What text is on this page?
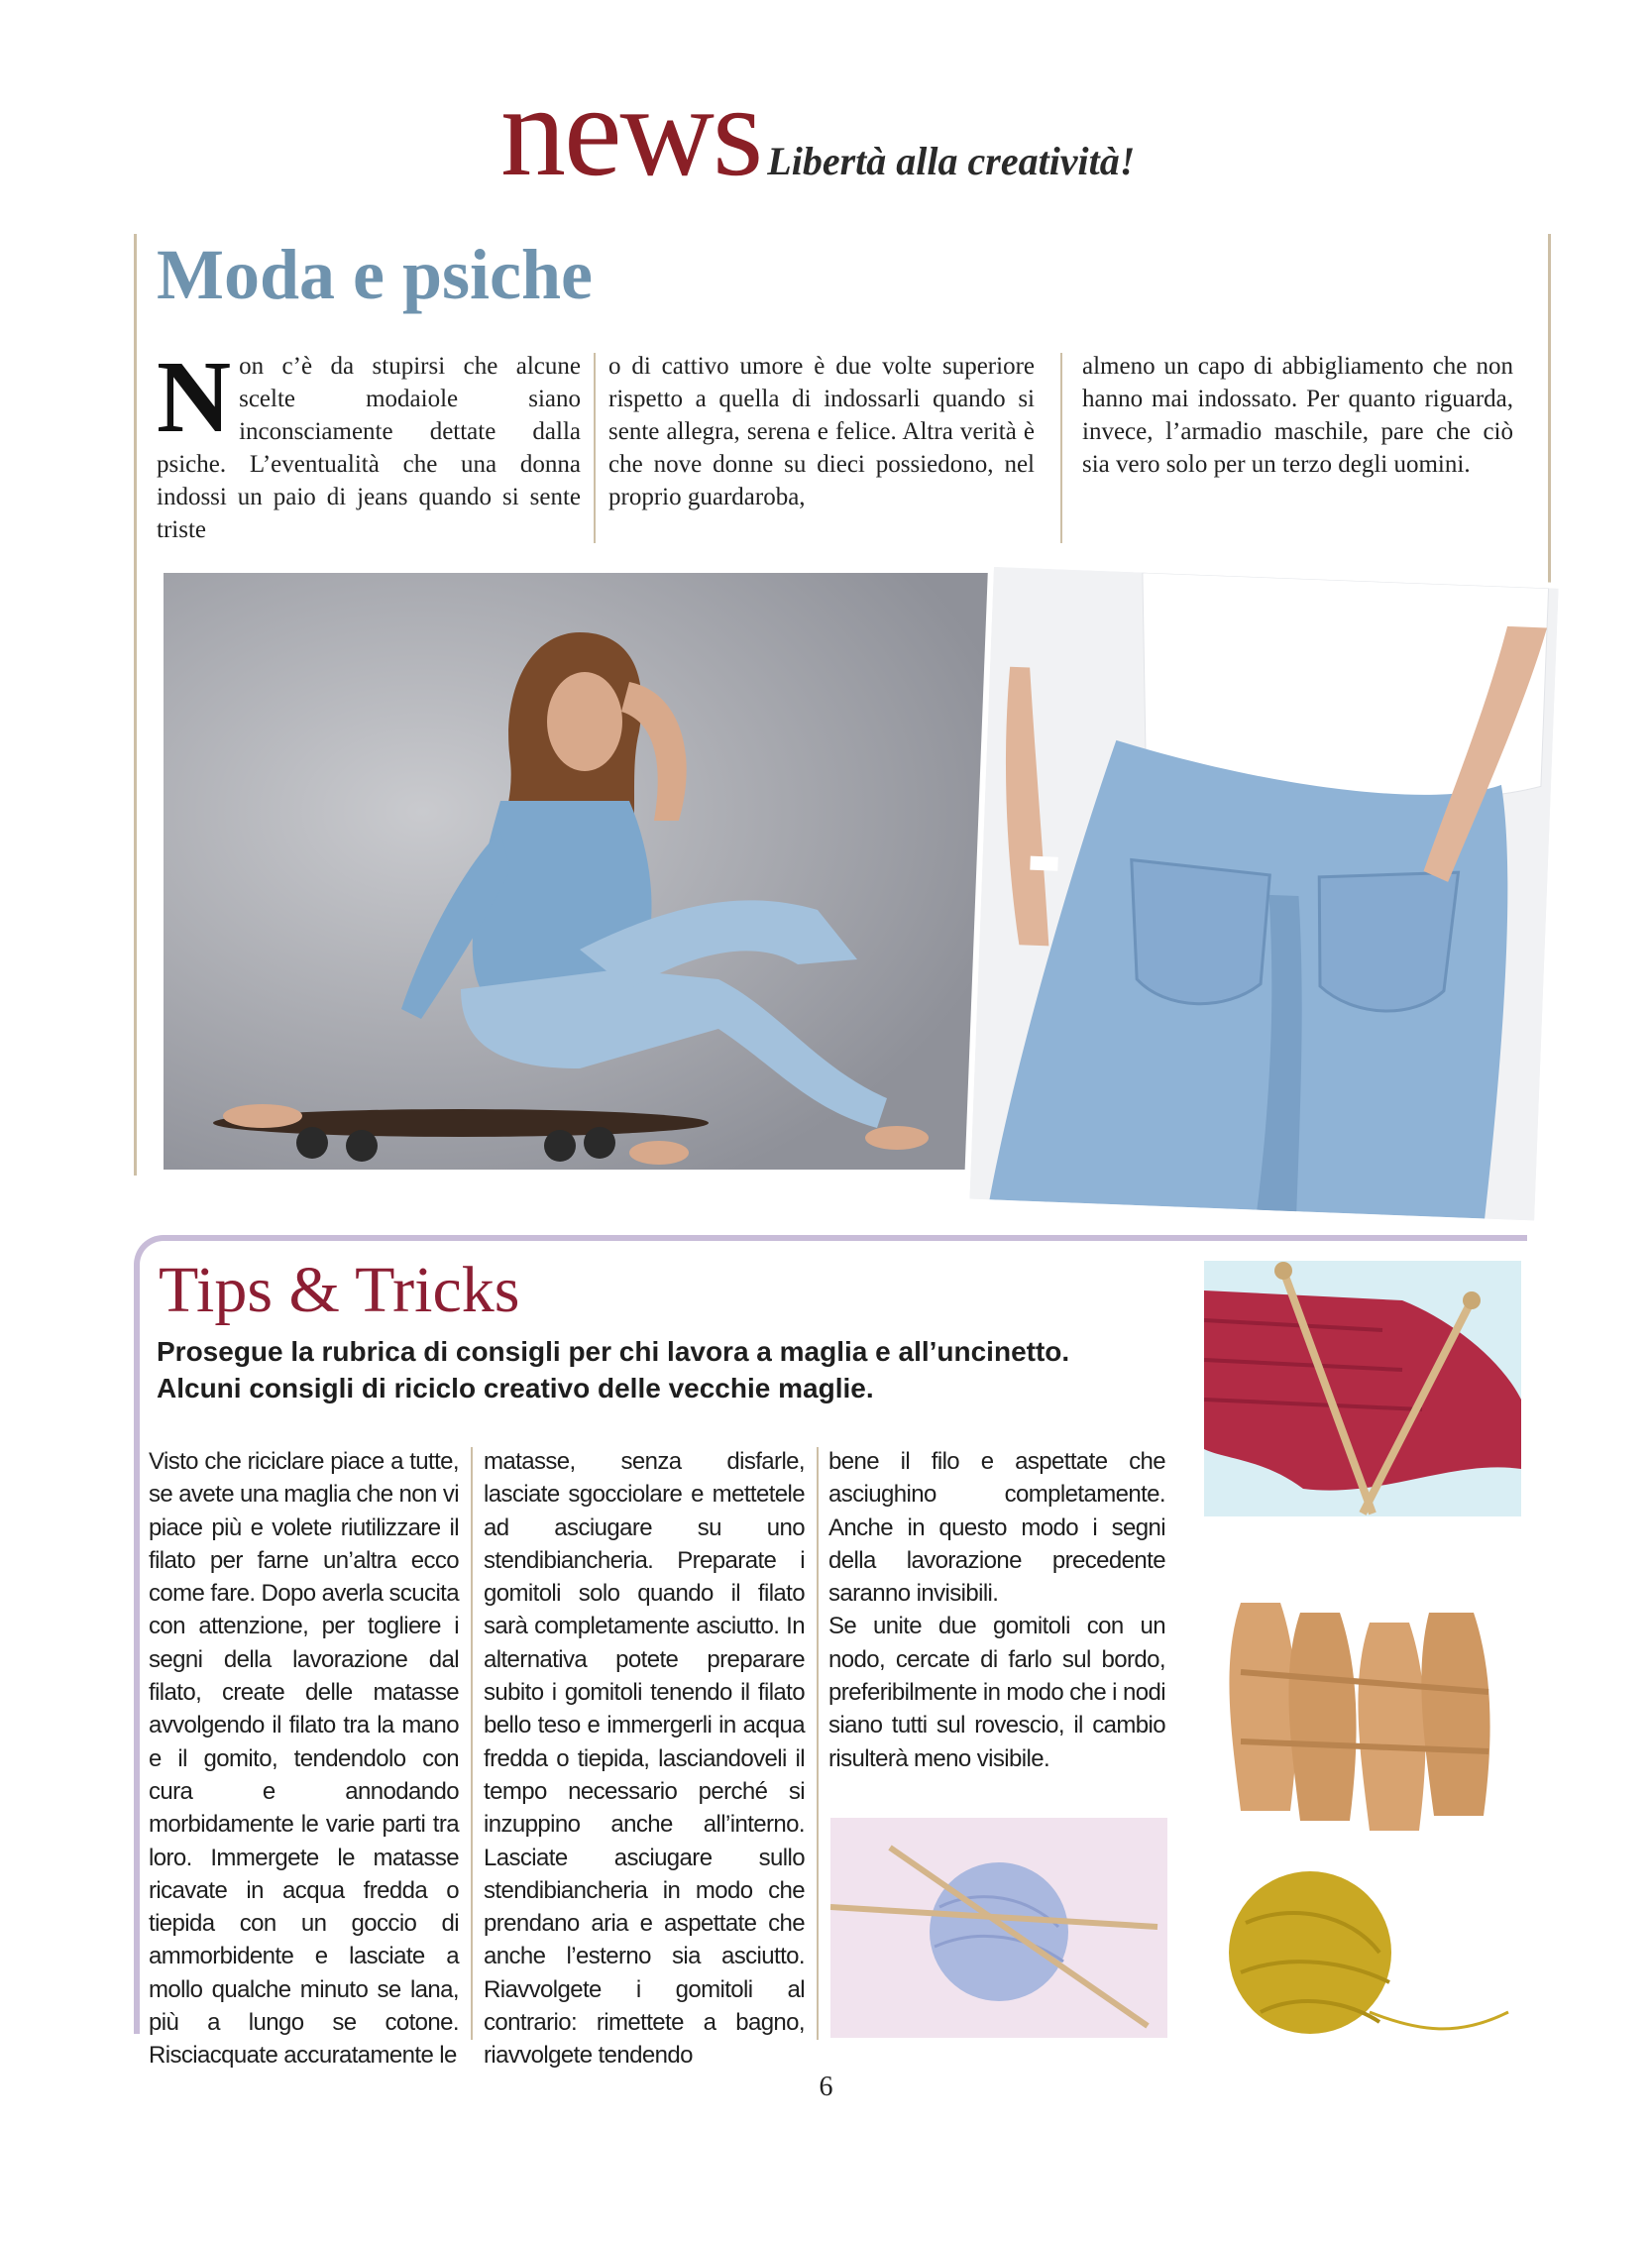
news Libertà alla creatività!
Moda e psiche
N on c’è da stupirsi che alcune scelte modaiole siano inconsciamente dettate dalla psiche. L’eventualità che una donna indossi un paio di jeans quando si sente triste

o di cattivo umore è due volte superiore rispetto a quella di indossarli quando si sente allegra, serena e felice. Altra verità è che nove donne su dieci possiedono, nel proprio guardaroba,

almeno un capo di abbigliamento che non hanno mai indossato. Per quanto riguarda, invece, l’armadio maschile, pare che ciò sia vero solo per un terzo degli uomini.

Tips & Tricks
Prosegue la rubrica di consigli per chi lavora a maglia e all’uncinetto.
Alcuni consigli di riciclo creativo delle vecchie maglie.

Visto che riciclare piace a tutte, se avete una maglia che non vi piace più e volete riutilizzare il filato per farne un’altra ecco come fare. Dopo averla scucita con attenzione, per togliere i segni della lavorazione dal filato, create delle matasse avvolgendo il filato tra la mano e il gomito, tendendolo con cura e annodando morbidamente le varie parti tra loro. Immergete le matasse ricavate in acqua fredda o tiepida con un goccio di ammorbidente e lasciate a mollo qualche minuto se lana, più a lungo se cotone. Risciacquate accuratamente le

matasse, senza disfarle, lasciate sgocciolare e mettetele ad asciugare su uno stendibiancheria. Preparate i gomitoli solo quando il filato sarà completamente asciutto. In alternativa potete preparare subito i gomitoli tenendo il filato bello teso e immergerli in acqua fredda o tiepida, lasciandoveli il tempo necessario perché si inzuppino anche all’interno. Lasciate asciugare sullo stendibiancheria in modo che prendano aria e aspettate che anche l’esterno sia asciutto. Riavvolgete i gomitoli al contrario: rimettete a bagno, riavvolgete tendendo

bene il filo e aspettate che asciughino completamente. Anche in questo modo i segni della lavorazione precedente saranno invisibili.

Se unite due gomitoli con un nodo, cercate di farlo sul bordo, preferibilmente in modo che i nodi siano tutti sul rovescio, il cambio risulterà meno visibile.

6
